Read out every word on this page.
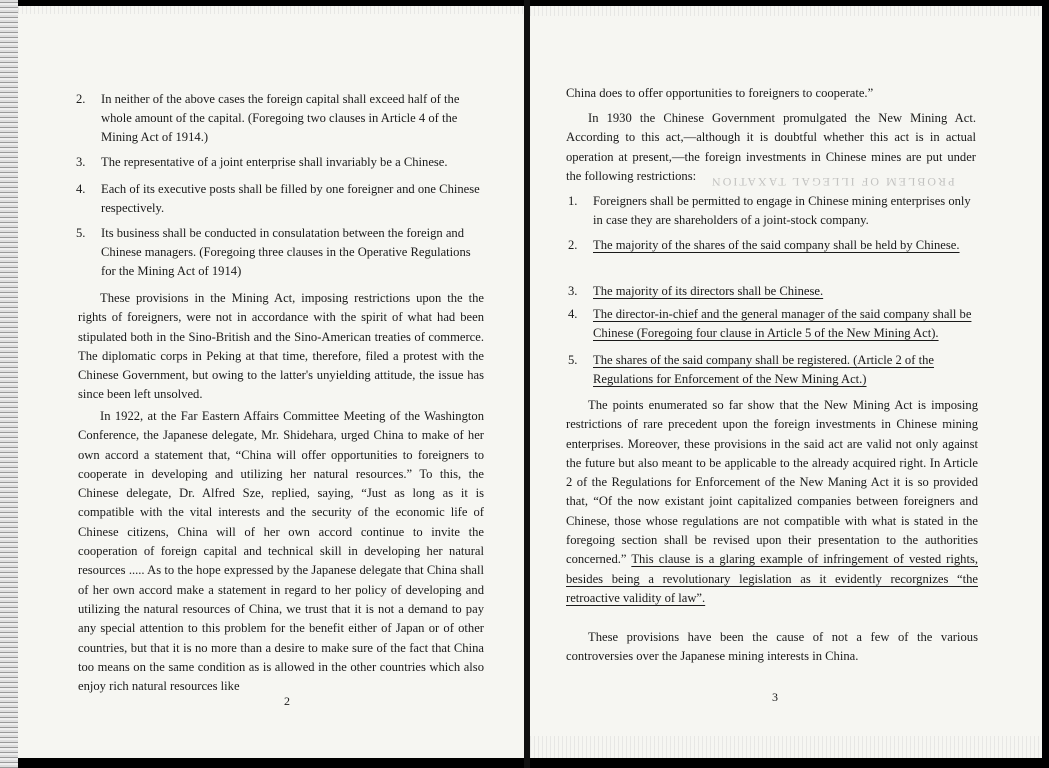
2.	In neither of the above cases the foreign capital shall exceed half of the whole amount of the capital. (Foregoing two clauses in Article 4 of the Mining Act of 1914.)
3.	The representative of a joint enterprise shall invariably be a Chinese.
4.	Each of its executive posts shall be filled by one foreigner and one Chinese respectively.
5.	Its business shall be conducted in consulatation between the foreign and Chinese managers. (Foregoing three clauses in the Operative Regulations for the Mining Act of 1914)
These provisions in the Mining Act, imposing restrictions upon the the rights of foreigners, were not in accordance with the spirit of what had been stipulated both in the Sino-British and the Sino-American treaties of commerce. The diplomatic corps in Peking at that time, therefore, filed a protest with the Chinese Government, but owing to the latter's unyielding attitude, the issue has since been left unsolved.
In 1922, at the Far Eastern Affairs Committee Meeting of the Washington Conference, the Japanese delegate, Mr. Shidehara, urged China to make of her own accord a statement that, “China will offer opportunities to foreigners to cooperate in developing and utilizing her natural resources.” To this, the Chinese delegate, Dr. Alfred Sze, replied, saying, “Just as long as it is compatible with the vital interests and the security of the economic life of Chinese citizens, China will of her own accord continue to invite the cooperation of foreign capital and technical skill in developing her natural resources ..... As to the hope expressed by the Japanese delegate that China shall of her own accord make a statement in regard to her policy of developing and utilizing the natural resources of China, we trust that it is not a demand to pay any special attention to this problem for the benefit either of Japan or of other countries, but that it is no more than a desire to make sure of the fact that China too means on the same condition as is allowed in the other countries which also enjoy rich natural resources like
2
China does to offer opportunities to foreigners to cooperate.”
In 1930 the Chinese Government promulgated the New Mining Act. According to this act,—although it is doubtful whether this act is in actual operation at present,—the foreign investments in Chinese mines are put under the following restrictions:	PROBLEM OF ILLEGAL TAXATION
1.	Foreigners shall be permitted to engage in Chinese mining enterprises only in case they are shareholders of a joint-stock company.
2.	The majority of the shares of the said company shall be held by Chinese.
3.	The majority of its directors shall be Chinese.
4.	The director-in-chief and the general manager of the said company shall be Chinese (Foregoing four clause in Article 5 of the New Mining Act).
5.	The shares of the said company shall be registered. (Article 2 of the Regulations for Enforcement of the New Mining Act.)
The points enumerated so far show that the New Mining Act is imposing restrictions of rare precedent upon the foreign investments in Chinese mining enterprises. Moreover, these provisions in the said act are valid not only against the future but also meant to be applicable to the already acquired right. In Article 2 of the Regulations for Enforcement of the New Maning Act it is so provided that, “Of the now existant joint capitalized companies between foreigners and Chinese, those whose regulations are not compatible with what is stated in the foregoing section shall be revised upon their presentation to the authorities concerned.” This clause is a glaring example of infringement of vested rights, besides being a revolutionary legislation as it evidently recorgnizes “the retroactive validity of law”.
These provisions have been the cause of not a few of the various controversies over the Japanese mining interests in China.
3
